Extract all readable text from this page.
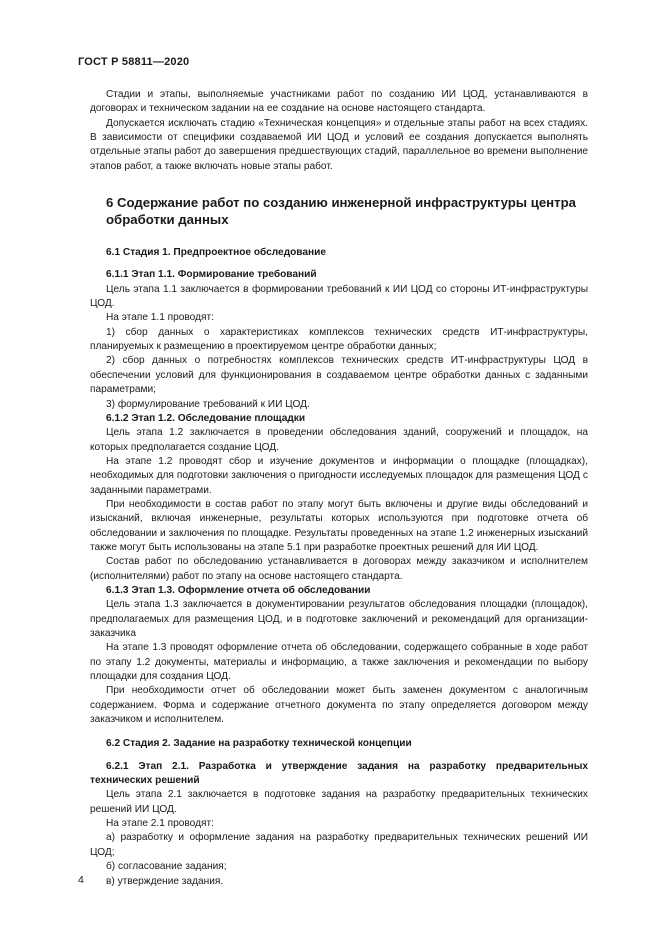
ГОСТ Р 58811—2020

Стадии и этапы, выполняемые участниками работ по созданию ИИ ЦОД, устанавливаются в договорах и техническом задании на ее создание на основе настоящего стандарта.

Допускается исключать стадию «Техническая концепция» и отдельные этапы работ на всех стадиях. В зависимости от специфики создаваемой ИИ ЦОД и условий ее создания допускается выполнять отдельные этапы работ до завершения предшествующих стадий, параллельное во времени выполнение этапов работ, а также включать новые этапы работ.

6 Содержание работ по созданию инженерной инфраструктуры центра обработки данных

6.1 Стадия 1. Предпроектное обследование

6.1.1 Этап 1.1. Формирование требований

Цель этапа 1.1 заключается в формировании требований к ИИ ЦОД со стороны ИТ-инфраструктуры ЦОД.

На этапе 1.1 проводят:

1) сбор данных о характеристиках комплексов технических средств ИТ-инфраструктуры, планируемых к размещению в проектируемом центре обработки данных;

2) сбор данных о потребностях комплексов технических средств ИТ-инфраструктуры ЦОД в обеспечении условий для функционирования в создаваемом центре обработки данных с заданными параметрами;

3) формулирование требований к ИИ ЦОД.

6.1.2 Этап 1.2. Обследование площадки

Цель этапа 1.2 заключается в проведении обследования зданий, сооружений и площадок, на которых предполагается создание ЦОД.

На этапе 1.2 проводят сбор и изучение документов и информации о площадке (площадках), необходимых для подготовки заключения о пригодности исследуемых площадок для размещения ЦОД с заданными параметрами.

При необходимости в состав работ по этапу могут быть включены и другие виды обследований и изысканий, включая инженерные, результаты которых используются при подготовке отчета об обследовании и заключения по площадке. Результаты проведенных на этапе 1.2 инженерных изысканий также могут быть использованы на этапе 5.1 при разработке проектных решений для ИИ ЦОД.

Состав работ по обследованию устанавливается в договорах между заказчиком и исполнителем (исполнителями) работ по этапу на основе настоящего стандарта.

6.1.3 Этап 1.3. Оформление отчета об обследовании

Цель этапа 1.3 заключается в документировании результатов обследования площадки (площадок), предполагаемых для размещения ЦОД, и в подготовке заключений и рекомендаций для организации-заказчика

На этапе 1.3 проводят оформление отчета об обследовании, содержащего собранные в ходе работ по этапу 1.2 документы, материалы и информацию, а также заключения и рекомендации по выбору площадки для создания ЦОД.

При необходимости отчет об обследовании может быть заменен документом с аналогичным содержанием. Форма и содержание отчетного документа по этапу определяется договором между заказчиком и исполнителем.

6.2 Стадия 2. Задание на разработку технической концепции

6.2.1 Этап 2.1. Разработка и утверждение задания на разработку предварительных технических решений

Цель этапа 2.1 заключается в подготовке задания на разработку предварительных технических решений ИИ ЦОД.

На этапе 2.1 проводят:

а) разработку и оформление задания на разработку предварительных технических решений ИИ ЦОД;

б) согласование задания;

в) утверждение задания.

4
